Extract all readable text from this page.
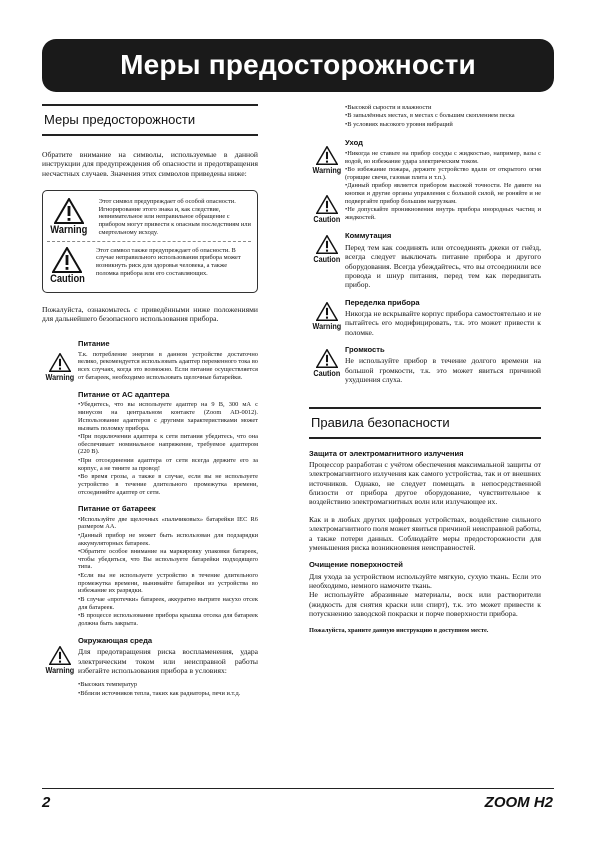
Меры предосторожности
Меры предосторожности

Обратите внимание на символы, используемые в данной инструкции для предупреждения об опасности и предотвращения несчастных случаев. Значения этих символов приведены ниже:

Warning
Этот символ предупреждает об особой опасности. Игнорирование этого знака и, как следствие, невнимательное или неправильное обращение с прибором могут привести к опасным последствиям или смертельному исходу.
Caution
Этот символ также предупреждает об опасности. В случае неправильного использования прибора может возникнуть риск для здоровья человека, а также поломка прибора или его составляющих.

Пожалуйста, ознакомьтесь с приведёнными ниже положениями для дальнейшего безопасного использования прибора.

Warning
Питание
Т.к. потребление энергии в данном устройстве достаточно велико, рекомендуется использовать адаптер переменного тока во всех случаях, когда это возможно. Если питание осуществляется от батареек, необходимо использовать щелочные батарейки.
Питание от АС адаптера

• Убедитесь, что вы используете адаптер на 9 В, 300 мА с минусом на центральном контакте (Zoom AD-0012). Использование адаптеров с другими характеристиками может вызвать поломку прибора.

• При подключении адаптера к сети питания убедитесь, что она обеспечивает номинальное напряжение, требуемое адаптером (220 В).

• При отсоединении адаптера от сети всегда держите его за корпус, а не тяните за провод!

• Во время грозы, а также в случае, если вы не используете устройство в течение длительного промежутка времени, отсоединяйте адаптер от сети.

Питание от батареек

• Используйте две щелочных «пальчиковых» батарейки IEC R6 размером AA.

• Данный прибор не может быть использован для подзарядки аккумуляторных батареек.

• Обратите особое внимание на маркировку упаковки батареек, чтобы убедиться, что Вы используете батарейки подходящего типа.

• Если вы не используете устройство в течение длительного промежутка времени, вынимайте батарейки из устройства во избежание их разрядки.

• В случае «протечки» батареек, аккуратно вытрите насухо отсек для батареек.

• В процессе использование прибора крышка отсека для батареек должна быть закрыта.

Warning
Окружающая среда

Для предотвращения риска воспламенения, удара электрическим током или неисправной работы избегайте использования прибора в условиях:

• Высоких температур

• Вблизи источников тепла, таких как радиаторы, печи и.т.д.

• Высокой сырости и влажности

• В запылённых местах, в местах с большим скоплением песка

• В условиях высокого уровня вибраций

Warning
Caution
Уход

• Никогда не ставьте на прибор сосуды с жидкостью, например, вазы с водой, во избежание удара электрическим током.

• Во избежание пожара, держите устройство вдали от открытого огня (горящие свечи, газовая плита и т.п.).

• Данный прибор является прибором высокой точности. Не давите на кнопки и другие органы управления с большой силой, не роняйте и не подвергайте прибор большим нагрузкам.

• Не допускайте проникновения внутрь прибора инородных частиц и жидкостей.

Caution
Коммутация

Перед тем как соединять или отсоединять джеки от гнёзд, всегда следует выключать питание прибора и другого оборудования. Всегда убеждайтесь, что вы отсоединили все провода и шнур питания, перед тем как передвигать прибор.

Warning
Переделка прибора

Никогда не вскрывайте корпус прибора самостоятельно и не пытайтесь его модифицировать, т.к. это может привести к поломке.

Caution
Громкость

Не используйте прибор в течение долгого времени на большой громкости, т.к. это может явиться причиной ухудшения слуха.

Правила безопасности
Защита от электромагнитного излучения

Процессор разработан с учётом обеспечения максимальной защиты от электромагнитного излучения как самого устройства, так и от внешних источников. Однако, не следует помещать в непосредственной близости от прибора другое оборудование, чувствительное к воздействию электромагнитных волн или излучающее их.

Как и в любых других цифровых устройствах, воздействие сильного электромагнитного поля может явиться причиной неисправной работы, а также потери данных. Соблюдайте меры предосторожности для уменьшения риска возникновения неисправностей.

Очищение поверхностей

Для ухода за устройством используйте мягкую, сухую ткань. Если это необходимо, немного намочите ткань.

Не используйте абразивные материалы, воск или растворители (жидкость для снятия краски или спирт), т.к. это может привести к потускнению заводской покраски и порче поверхности прибора.

Пожалуйста, храните данную инструкцию в доступном месте.

2	ZOOM H2
